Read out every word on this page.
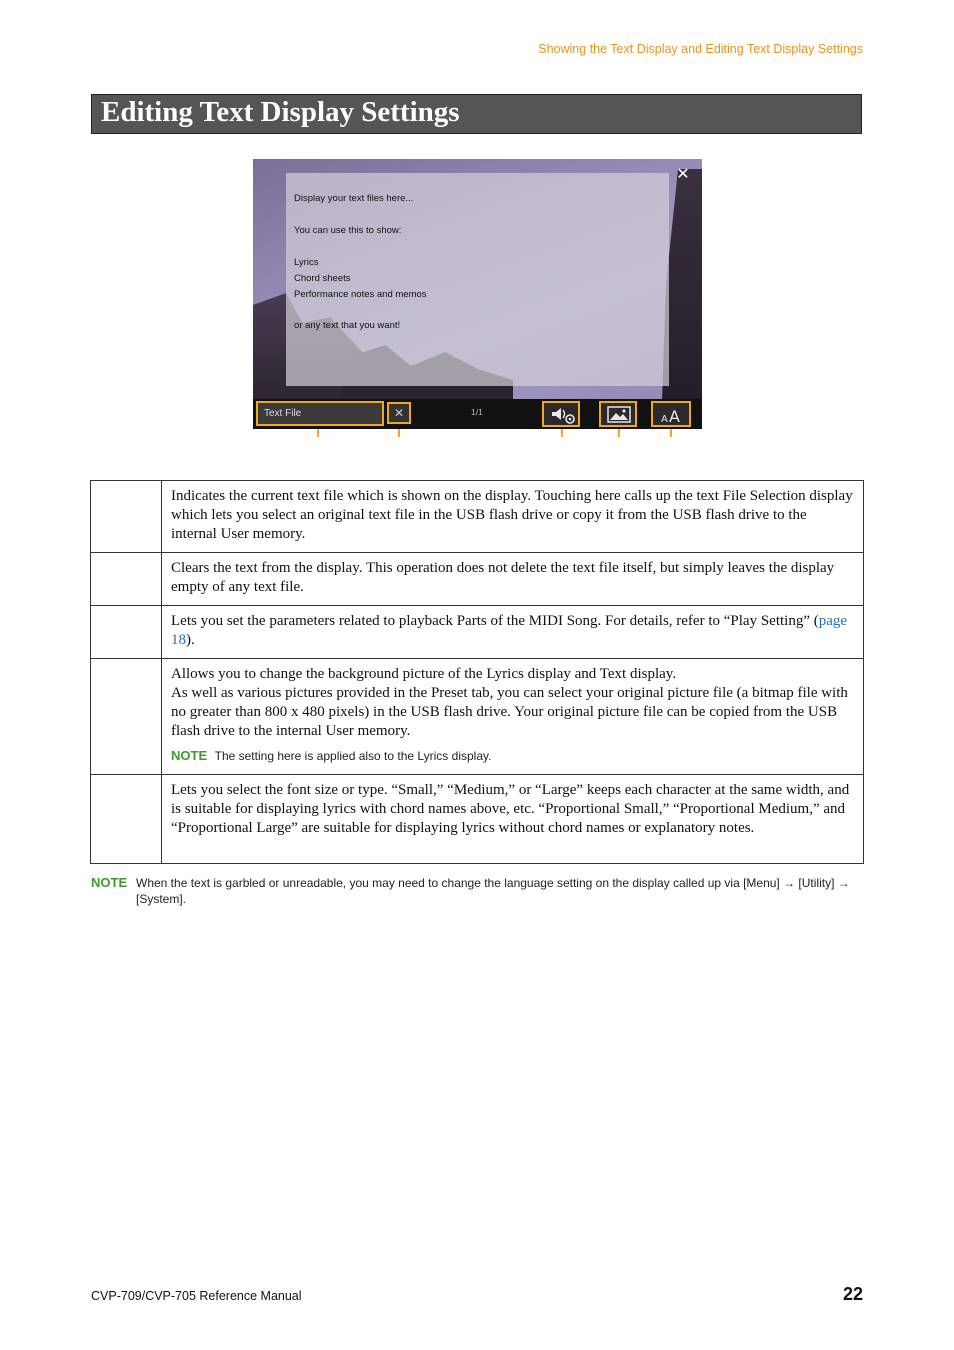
Showing the Text Display and Editing Text Display Settings
Editing Text Display Settings
Display your text files here...
You can use this to show:
Lyrics
Chord sheets
Performance notes and memos
or any text that you want!
✕
Text File	✕	1/1
A A
	Indicates the current text file which is shown on the display. Touching here calls up the text File Selection display which lets you select an original text file in the USB flash drive or copy it from the USB flash drive to the internal User memory.
	Clears the text from the display. This operation does not delete the text file itself, but simply leaves the display empty of any text file.
	Lets you set the parameters related to playback Parts of the MIDI Song. For details, refer to “Play Setting” (page 18).

	Allows you to change the background picture of the Lyrics display and Text display.
As well as various pictures provided in the Preset tab, you can select your original picture file (a bitmap file with no greater than 800 x 480 pixels) in the USB flash drive. Your original picture file can be copied from the USB flash drive to the internal User memory.
NOTE The setting here is applied also to the Lyrics display.

	Lets you select the font size or type. “Small,” “Medium,” or “Large” keeps each character at the same width, and is suitable for displaying lyrics with chord names above, etc. “Proportional Small,” “Proportional Medium,” and “Proportional Large” are suitable for displaying lyrics without chord names or explanatory notes.
NOTE When the text is garbled or unreadable, you may need to change the language setting on the display called up via [Menu] → [Utility] → [System].
CVP-709/CVP-705 Reference Manual	22
